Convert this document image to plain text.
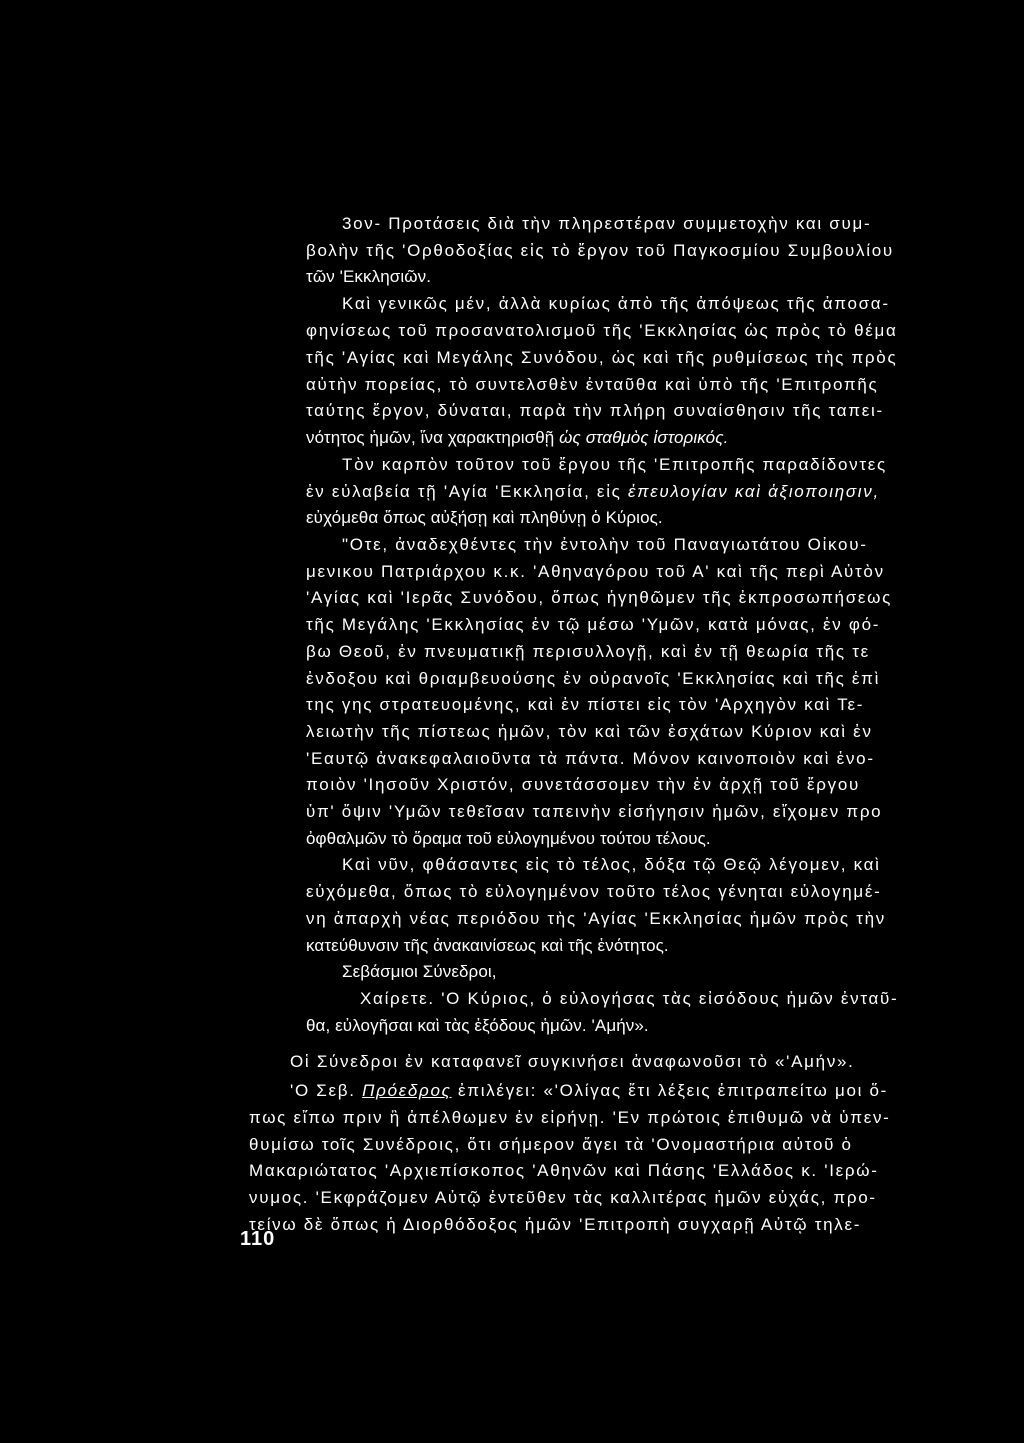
3ον- Προτάσεις διὰ τὴν πληρεστέραν συμμετοχὴν και συμ-
βολὴν τῆς 'Ορθοδοξίας εἰς τὸ ἔργον τοῦ Παγκοσμίου Συμβουλίου
τῶν 'Εκκλησιῶν.
Καὶ γενικῶς μέν, ἀλλὰ κυρίως ἀπὸ τῆς ἀπόψεως τῆς ἀποσα-
φηνίσεως τοῦ προσανατολισμοῦ τῆς 'Εκκλησίας ὡς πρὸς τὸ θέμα
τῆς 'Αγίας καὶ Μεγάλης Συνόδου, ὡς καὶ τῆς ρυθμίσεως τὴς πρὸς
αὐτὴν πορείας, τὸ συντελσθὲν ἐνταῦθα καὶ ὑπὸ τῆς 'Επιτροπῆς
ταύτης ἔργον, δύναται, παρὰ τὴν πλήρη συναίσθησιν τῆς ταπει-
νότητος ἡμῶν, ἵνα χαρακτηρισθῇ ὡς σταθμὸς ἱστορικός.
Τὸν καρπὸν τοῦτον τοῦ ἔργου τῆς 'Επιτροπῆς παραδίδοντες
ἐν εὐλαβεία τῇ 'Αγία 'Εκκλησία, εἰς ἐπευλογίαν καὶ ἀξιοποιησιν,
εὐχόμεθα ὅπως αὐξήσῃ καὶ πληθύνῃ ὁ Κύριος.
"Οτε, ἀναδεχθέντες τὴν ἐντολὴν τοῦ Παναγιωτάτου Οἰκου-
μενικου Πατριάρχου κ.κ. 'Αθηναγόρου τοῦ Α' καὶ τῆς περὶ Αὐτὸν
'Αγίας καὶ 'Ιερᾶς Συνόδου, ὅπως ἡγηθῶμεν τῆς ἐκπροσωπήσεως
τῆς Μεγάλης 'Εκκλησίας ἐν τῷ μέσω 'Υμῶν, κατὰ μόνας, ἐν φό-
βω Θεοῦ, ἐν πνευματικῇ περισυλλογῇ, καὶ ἐν τῇ θεωρία τῆς τε
ἐνδοξου καὶ θριαμβευούσης ἐν οὐρανοῖς 'Εκκλησίας καὶ τῆς ἐπὶ
της γης στρατευομένης, καὶ ἐν πίστει εἰς τὸν 'Αρχηγὸν καὶ Τε-
λειωτὴν τῆς πίστεως ἡμῶν, τὸν καὶ τῶν ἐσχάτων Κύριον καὶ ἐν
'Εαυτῷ ἀνακεφαλαιοῦντα τὰ πάντα. Μόνον καινοποιὸν καὶ ἑνο-
ποιὸν 'Ιησοῦν Χριστόν, συνετάσσομεν τὴν ἐν ἀρχῇ τοῦ ἔργου
ὑπ' ὄψιν 'Υμῶν τεθεῖσαν ταπεινὴν εἰσήγησιν ἡμῶν, εἴχομεν προ
ὀφθαλμῶν τὸ ὅραμα τοῦ εὐλογημένου τούτου τέλους.
Καὶ νῦν, φθάσαντες εἰς τὸ τέλος, δόξα τῷ Θεῷ λέγομεν, καὶ
εὐχόμεθα, ὅπως τὸ εὐλογημένον τοῦτο τέλος γένηται εὐλογημέ-
νη ἀπαρχὴ νέας περιόδου τὴς 'Αγίας 'Εκκλησίας ἡμῶν πρὸς τὴν
κατεύθυνσιν τῆς ἀνακαινίσεως καὶ τῆς ἑνότητος.
Σεβάσμιοι Σύνεδροι,
Χαίρετε. 'Ο Κύριος, ὁ εὐλογήσας τὰς εἰσόδους ἡμῶν ἐνταῦ-
θα, εὐλογῆσαι καὶ τὰς ἐξόδους ἡμῶν. 'Αμήν».
Οἱ Σύνεδροι ἐν καταφανεῖ συγκινήσει ἀναφωνοῦσι τὸ «'Αμήν».
'Ο Σεβ. Πρόεδρος ἐπιλέγει: «'Ολίγας ἔτι λέξεις ἐπιτραπείτω μοι ὅ-
πως εἴπω πριν ἢ ἀπέλθωμεν ἐν εἰρήνῃ. 'Εν πρώτοις ἐπιθυμῶ νὰ ὑπεν-
θυμίσω τοῖς Συνέδροις, ὅτι σήμερον ἄγει τὰ 'Ονομαστήρια αὐτοῦ ὁ
Μακαριώτατος 'Αρχιεπίσκοπος 'Αθηνῶν καὶ Πάσης 'Ελλάδος κ. 'Ιερώ-
νυμος. 'Εκφράζομεν Αὐτῷ ἐντεῦθεν τὰς καλλιτέρας ἡμῶν εὐχάς, προ-
τείνω δὲ ὅπως ἡ Διορθόδοξος ἡμῶν 'Επιτροπὴ συγχαρῇ Αὐτῷ τηλε-
110
